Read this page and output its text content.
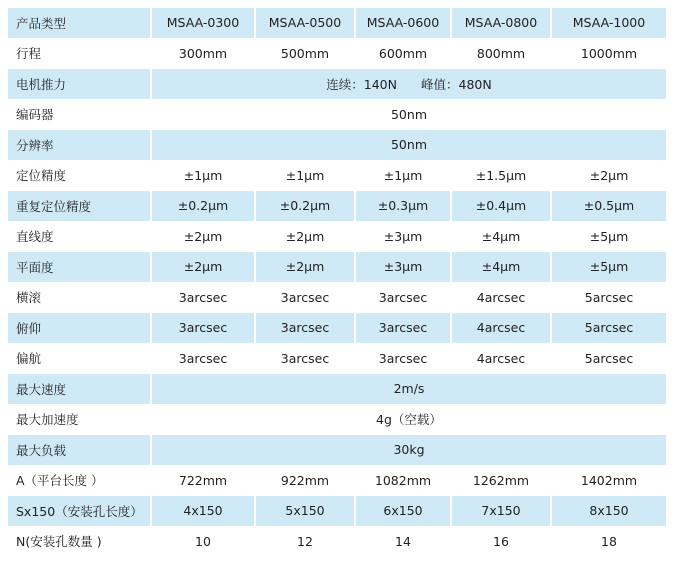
产品类型	MSAA-0300	MSAA-0500	MSAA-0600	MSAA-0800	MSAA-1000
行程	300mm	500mm	600mm	800mm	1000mm
电机推力	连续：140N 峰值：480N				
编码器	50nm				
分辨率	50nm				
定位精度	±1μm	±1μm	±1μm	±1.5μm	±2μm
重复定位精度	±0.2μm	±0.2μm	±0.3μm	±0.4μm	±0.5μm
直线度	±2μm	±2μm	±3μm	±4μm	±5μm
平面度	±2μm	±2μm	±3μm	±4μm	±5μm
横滚	3arcsec	3arcsec	3arcsec	4arcsec	5arcsec
俯仰	3arcsec	3arcsec	3arcsec	4arcsec	5arcsec
偏航	3arcsec	3arcsec	3arcsec	4arcsec	5arcsec
最大速度	2m/s				
最大加速度	4g（空载）				
最大负载	30kg				
A（平台长度 ）	722mm	922mm	1082mm	1262mm	1402mm
Sx150（安装孔长度）	4x150	5x150	6x150	7x150	8x150
N(安装孔数量 )	10	12	14	16	18
